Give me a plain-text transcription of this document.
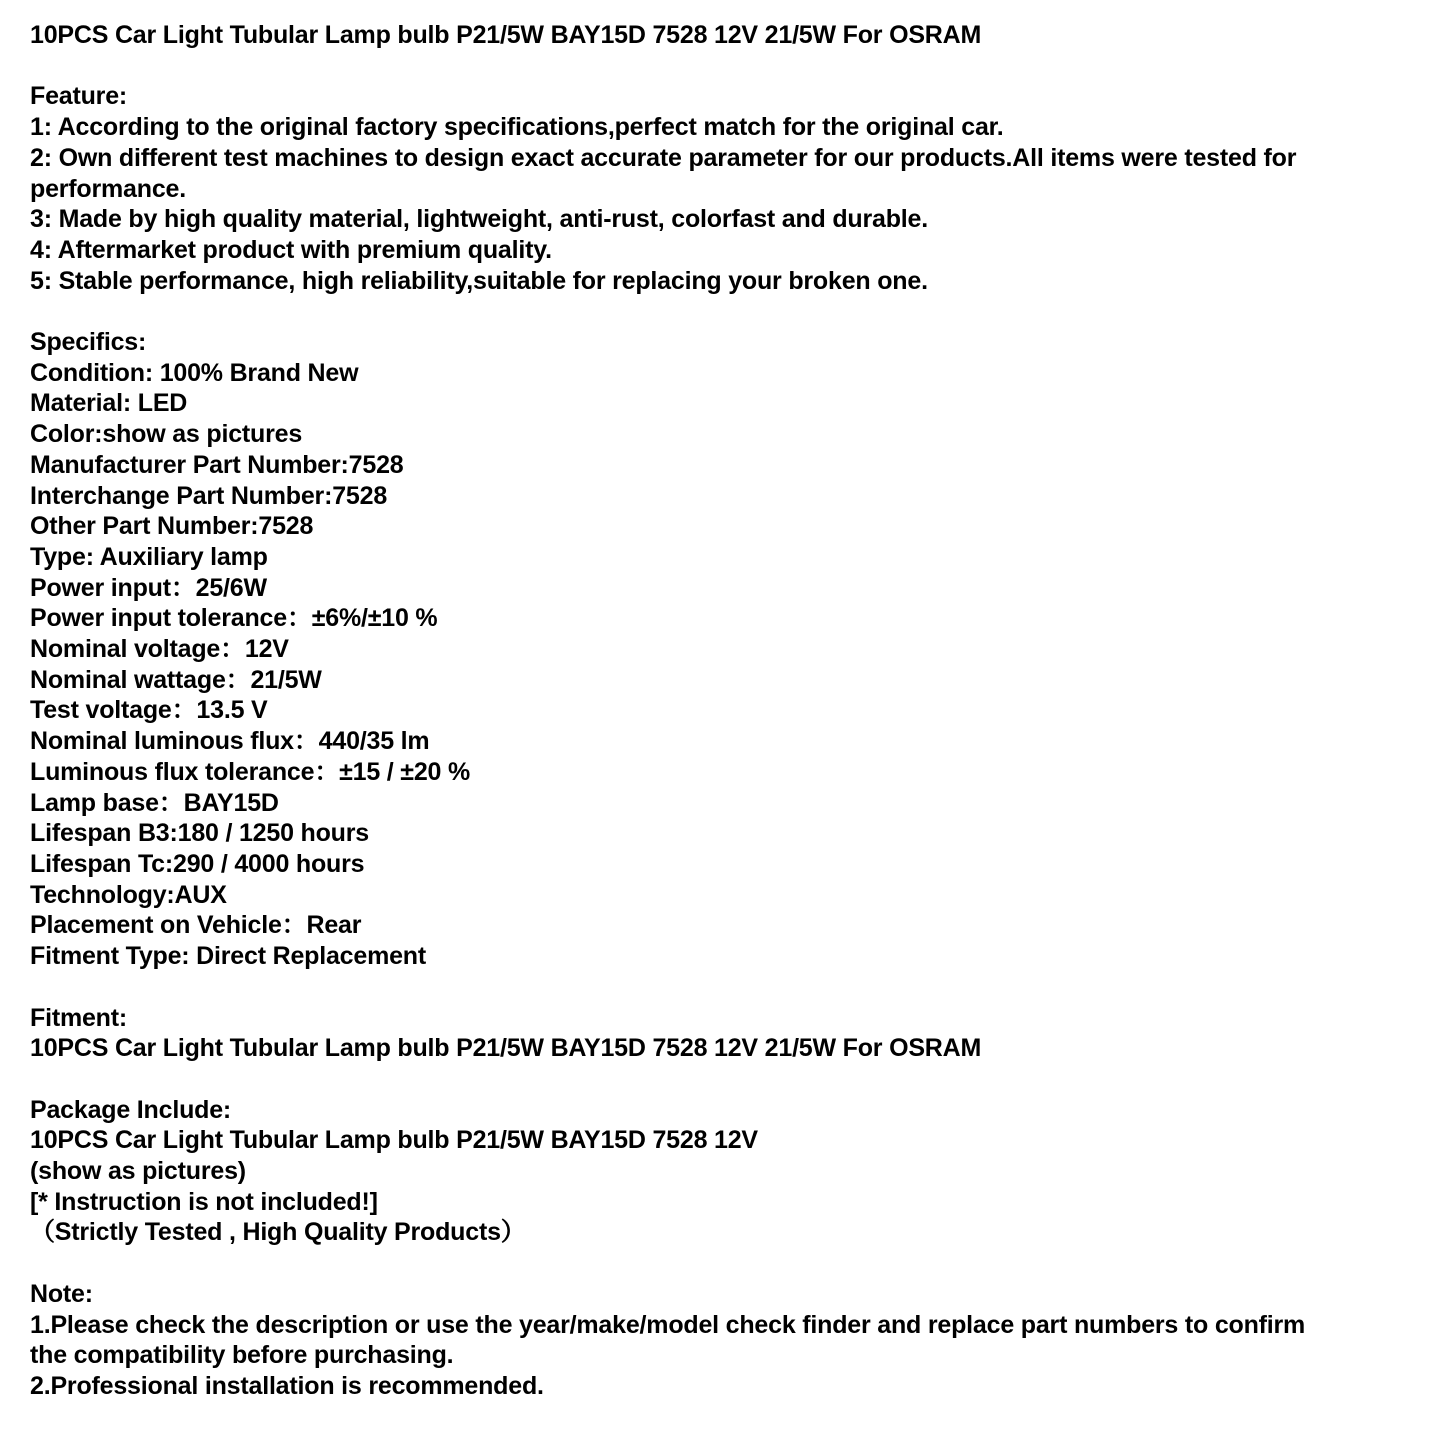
10PCS Car Light Tubular Lamp bulb P21/5W BAY15D 7528 12V 21/5W For OSRAM

Feature:
1: According to the original factory specifications,perfect match for the original car.
2: Own different test machines to design exact accurate parameter for our products.All items were tested for
performance.
3: Made by high quality material, lightweight, anti-rust, colorfast and durable.
4: Aftermarket product with premium quality.
5: Stable performance, high reliability,suitable for replacing your broken one.

Specifics:
Condition: 100% Brand New
Material: LED
Color:show as pictures
Manufacturer Part Number:7528
Interchange Part Number:7528
Other Part Number:7528
Type: Auxiliary lamp
Power input：25/6W
Power input tolerance：±6%/±10 %
Nominal voltage：12V
Nominal wattage：21/5W
Test voltage：13.5 V
Nominal luminous flux：440/35 lm
Luminous flux tolerance：±15 / ±20 %
Lamp base：BAY15D
Lifespan B3:180 / 1250 hours
Lifespan Tc:290 / 4000 hours
Technology:AUX
Placement on Vehicle：Rear
Fitment Type: Direct Replacement

Fitment:
10PCS Car Light Tubular Lamp bulb P21/5W BAY15D 7528 12V 21/5W For OSRAM

Package Include:
10PCS Car Light Tubular Lamp bulb P21/5W BAY15D 7528 12V
(show as pictures)
[* Instruction is not included!]
（Strictly Tested , High Quality Products）

Note:
1.Please check the description or use the year/make/model check finder and replace part numbers to confirm
the compatibility before purchasing.
2.Professional installation is recommended.
